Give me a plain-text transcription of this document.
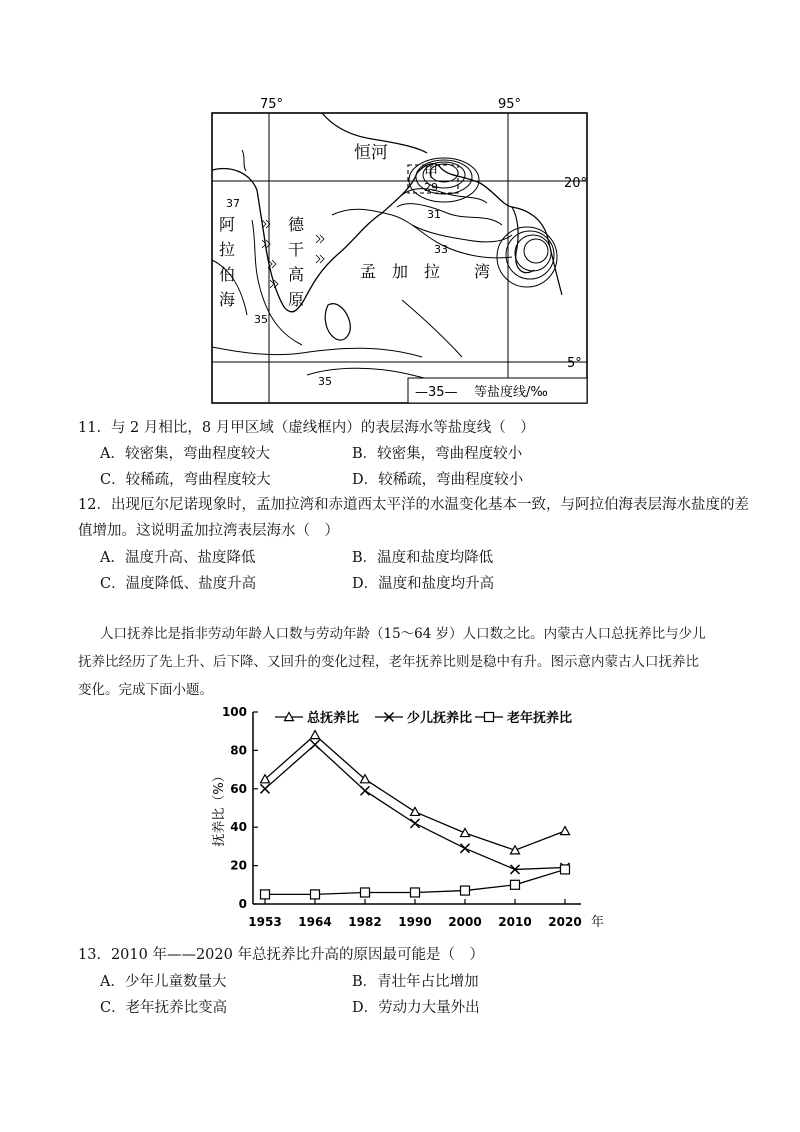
75°	95°
20°
5°
恒河
甲
29
31
33
37
35
35
阿
拉
伯
海
德
干
高
原
孟 加 拉 湾
—35— 等盐度线/‰
11．与 2 月相比，8 月甲区域（虚线框内）的表层海水等盐度线（　）
A．较密集，弯曲程度较大	B．较密集，弯曲程度较小
C．较稀疏，弯曲程度较大	D．较稀疏，弯曲程度较小
12．出现厄尔尼诺现象时，孟加拉湾和赤道西太平洋的水温变化基本一致，与阿拉伯海表层海水盐度的差
值增加。这说明孟加拉湾表层海水（　）
A．温度升高、盐度降低	B．温度和盐度均降低
C．温度降低、盐度升高	D．温度和盐度均升高
人口抚养比是指非劳动年龄人口数与劳动年龄（15～64 岁）人口数之比。内蒙古人口总抚养比与少儿
抚养比经历了先上升、后下降、又回升的变化过程，老年抚养比则是稳中有升。图示意内蒙古人口抚养比
变化。完成下面小题。
0
20
40
60
80
100
1953 1964 1982 1990 2000 2010 2020 年
抚养比（%）
总抚养比	少儿抚养比	老年抚养比
13．2010 年——2020 年总抚养比升高的原因最可能是（　）
A．少年儿童数量大	B．青壮年占比增加
C．老年抚养比变高	D．劳动力大量外出
